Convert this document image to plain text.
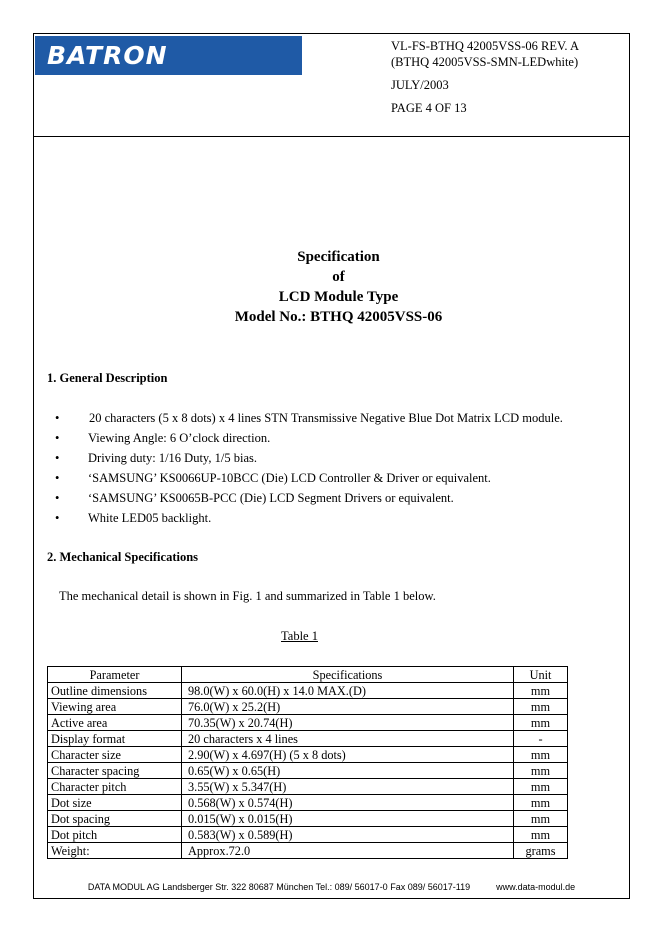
BATRON	VL-FS-BTHQ 42005VSS-06 REV. A
(BTHQ 42005VSS-SMN-LEDwhite)
JULY/2003
PAGE 4 OF 13
Specification
of
LCD Module Type
Model No.: BTHQ 42005VSS-06
1. General Description
•	20 characters (5 x 8 dots) x 4 lines STN Transmissive Negative Blue Dot Matrix LCD module.
•	Viewing Angle: 6 O’clock direction.
•	Driving duty: 1/16 Duty, 1/5 bias.
•	‘SAMSUNG’ KS0066UP-10BCC (Die) LCD Controller & Driver or equivalent.
•	‘SAMSUNG’ KS0065B-PCC (Die) LCD Segment Drivers or equivalent.
•	White LED05 backlight.
2. Mechanical Specifications
The mechanical detail is shown in Fig. 1 and summarized in Table 1 below.
Table 1
Parameter	Specifications	Unit
Outline dimensions	98.0(W) x 60.0(H) x 14.0 MAX.(D)	mm
Viewing area	76.0(W) x 25.2(H)	mm
Active area	70.35(W) x 20.74(H)	mm
Display format	20 characters x 4 lines	-
Character size	2.90(W) x 4.697(H) (5 x 8 dots)	mm
Character spacing	0.65(W) x 0.65(H)	mm
Character pitch	3.55(W) x 5.347(H)	mm
Dot size	0.568(W) x 0.574(H)	mm
Dot spacing	0.015(W) x 0.015(H)	mm
Dot pitch	0.583(W) x 0.589(H)	mm
Weight:	Approx.72.0	grams
DATA MODUL AG Landsberger Str. 322 80687 München Tel.: 089/ 56017-0 Fax 089/ 56017-119	www.data-modul.de
